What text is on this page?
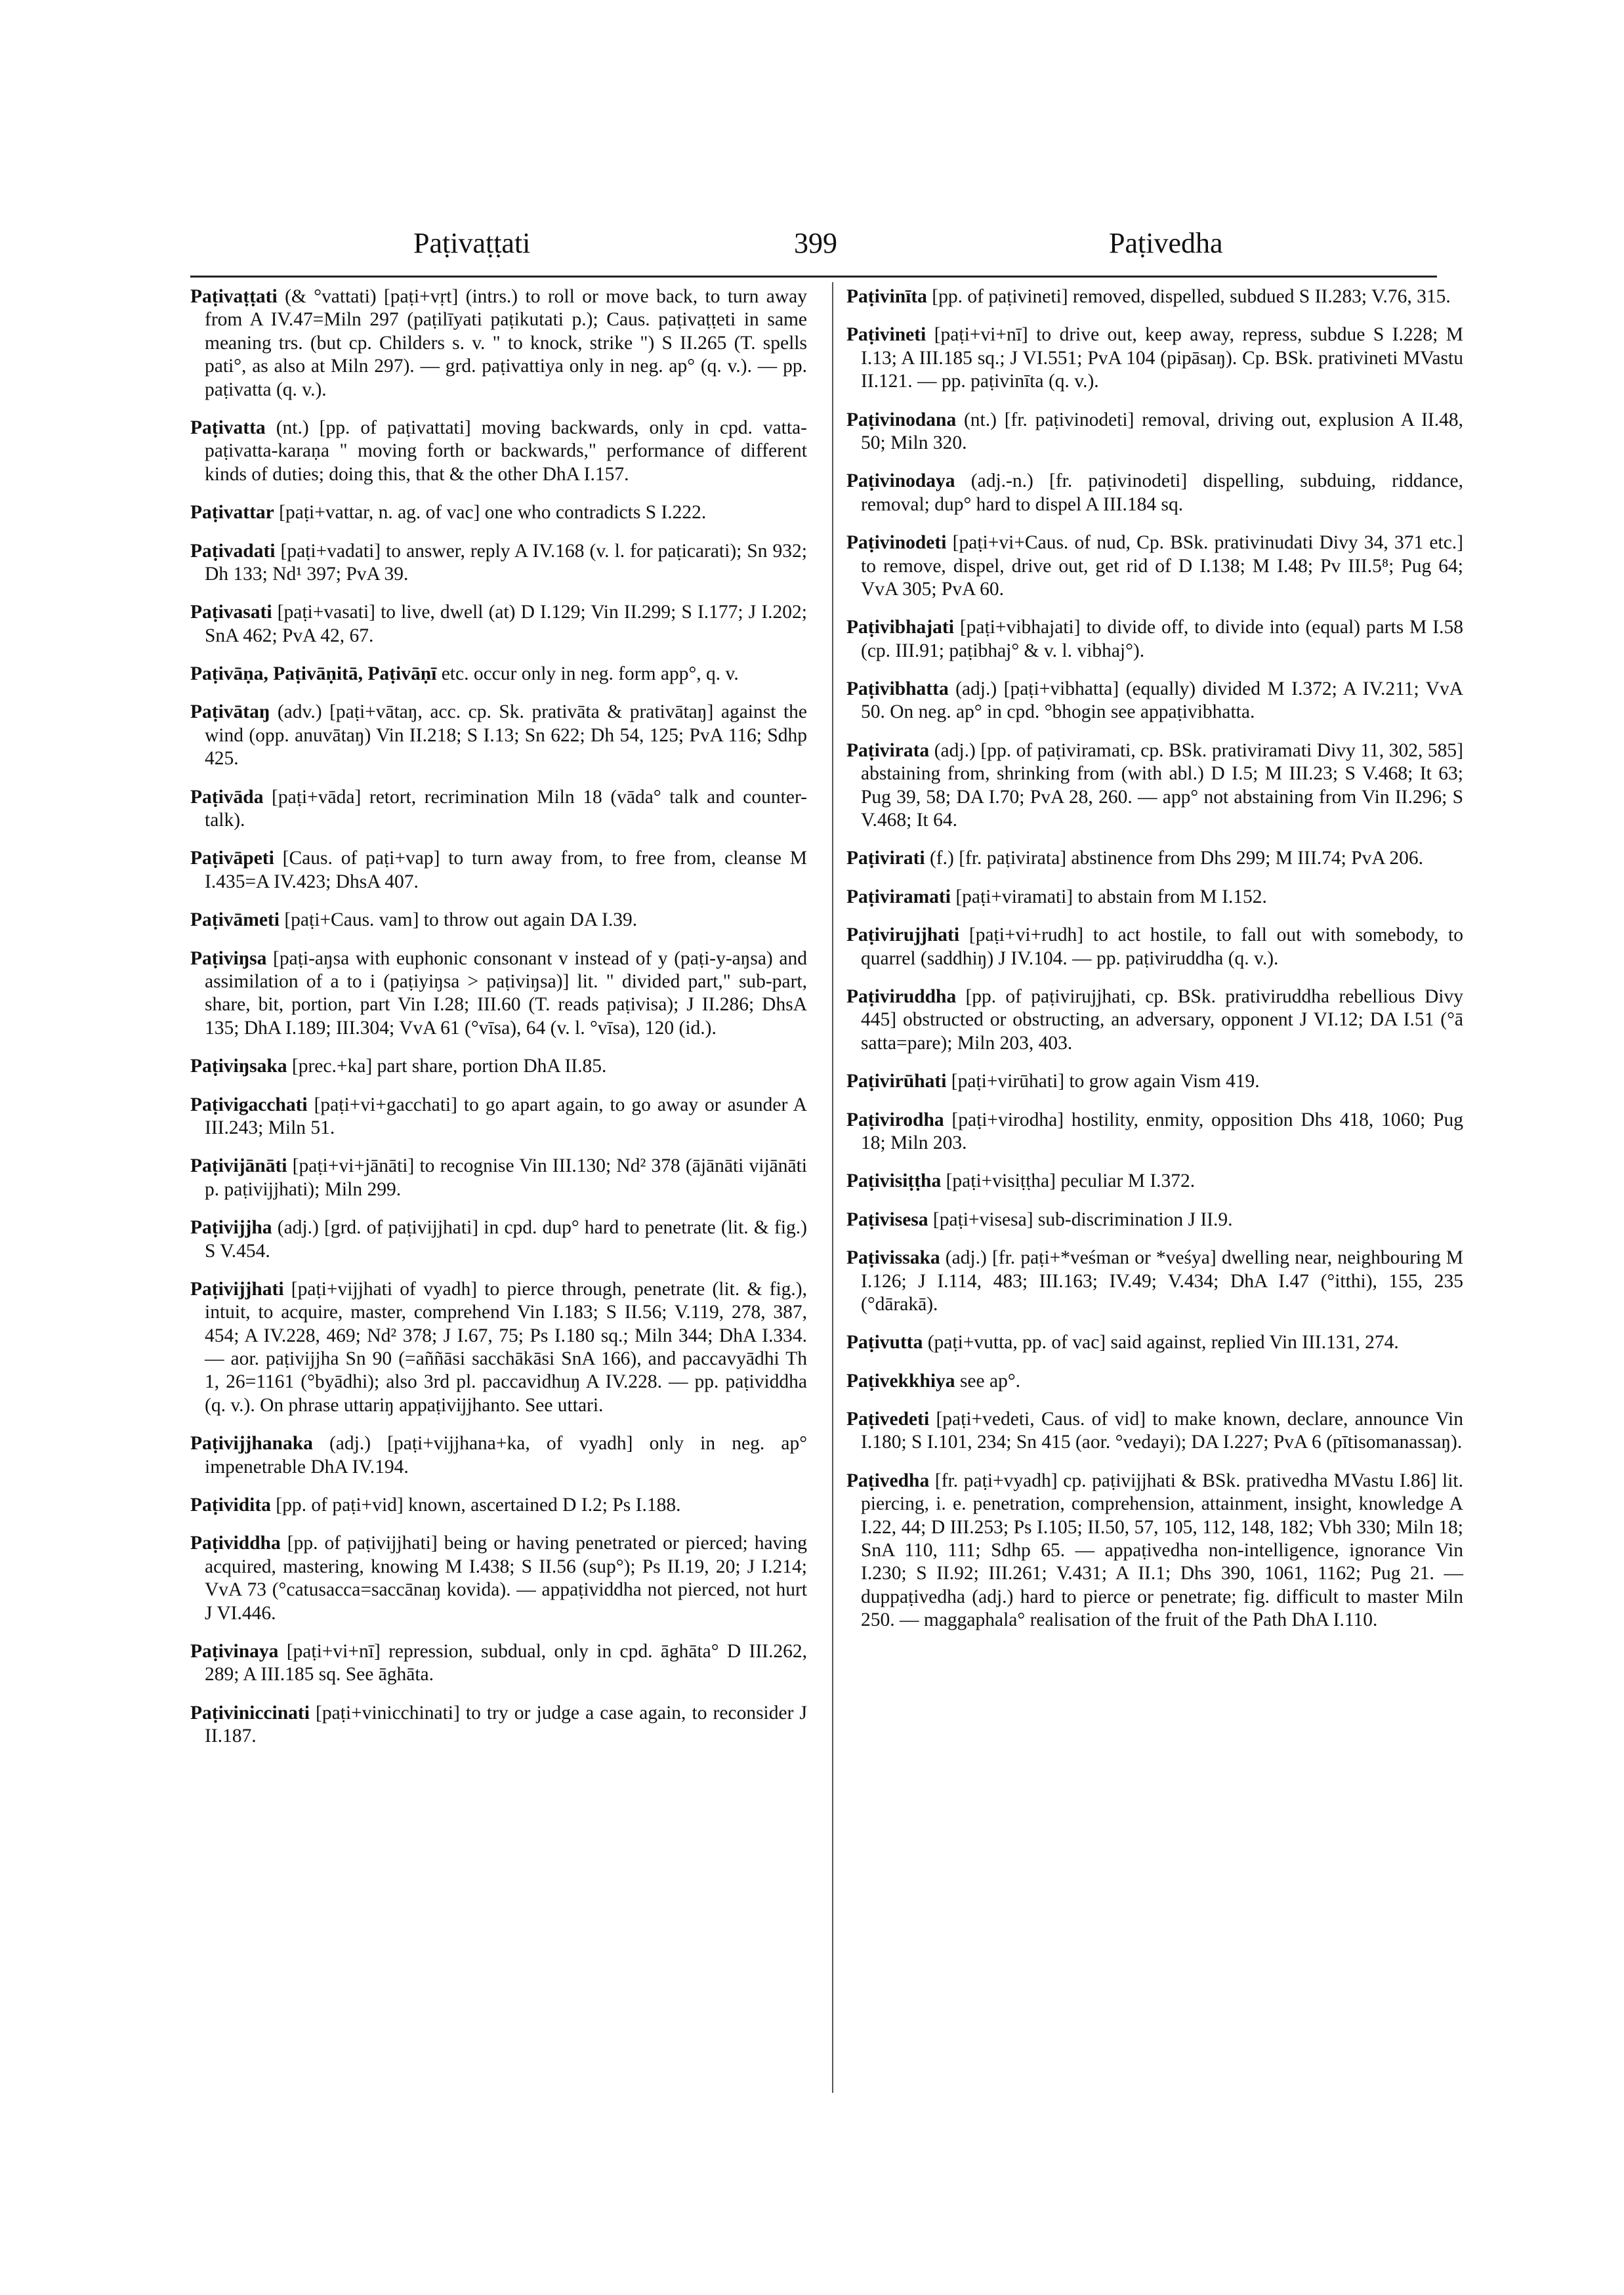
Paṭivaṭṭati	399	Paṭivedha

Paṭivaṭṭati (& °vattati) [paṭi+vṛt] (intrs.) to roll or move back, to turn away from A IV.47=Miln 297 (paṭilīyati paṭikutati p.); Caus. paṭivaṭṭeti in same meaning trs. (but cp. Childers s. v. " to knock, strike ") S II.265 (T. spells pati°, as also at Miln 297). — grd. paṭivattiya only in neg. ap° (q. v.). — pp. paṭivatta (q. v.).

Paṭivatta (nt.) [pp. of paṭivattati] moving backwards, only in cpd. vatta-paṭivatta-karaṇa " moving forth or backwards," performance of different kinds of duties; doing this, that & the other DhA I.157.

Paṭivattar [paṭi+vattar, n. ag. of vac] one who contradicts S I.222.

Paṭivadati [paṭi+vadati] to answer, reply A IV.168 (v. l. for paṭicarati); Sn 932; Dh 133; Nd¹ 397; PvA 39.

Paṭivasati [paṭi+vasati] to live, dwell (at) D I.129; Vin II.299; S I.177; J I.202; SnA 462; PvA 42, 67.

Paṭivāṇa, Paṭivāṇitā, Paṭivāṇī etc. occur only in neg. form app°, q. v.

Paṭivātaŋ (adv.) [paṭi+vātaŋ, acc. cp. Sk. prativāta & prativātaŋ] against the wind (opp. anuvātaŋ) Vin II.218; S I.13; Sn 622; Dh 54, 125; PvA 116; Sdhp 425.

Paṭivāda [paṭi+vāda] retort, recrimination Miln 18 (vāda° talk and counter-talk).

Paṭivāpeti [Caus. of paṭi+vap] to turn away from, to free from, cleanse M I.435=A IV.423; DhsA 407.

Paṭivāmeti [paṭi+Caus. vam] to throw out again DA I.39.

Paṭiviŋsa [paṭi-aŋsa with euphonic consonant v instead of y (paṭi-y-aŋsa) and assimilation of a to i (paṭiyiŋsa > paṭiviŋsa)] lit. " divided part," sub-part, share, bit, portion, part Vin I.28; III.60 (T. reads paṭivisa); J II.286; DhsA 135; DhA I.189; III.304; VvA 61 (°vīsa), 64 (v. l. °vīsa), 120 (id.).

Paṭiviŋsaka [prec.+ka] part share, portion DhA II.85.

Paṭivigacchati [paṭi+vi+gacchati] to go apart again, to go away or asunder A III.243; Miln 51.

Paṭivijānāti [paṭi+vi+jānāti] to recognise Vin III.130; Nd² 378 (ājānāti vijānāti p. paṭivijjhati); Miln 299.

Paṭivijjha (adj.) [grd. of paṭivijjhati] in cpd. dup° hard to penetrate (lit. & fig.) S V.454.

Paṭivijjhati [paṭi+vijjhati of vyadh] to pierce through, penetrate (lit. & fig.), intuit, to acquire, master, comprehend Vin I.183; S II.56; V.119, 278, 387, 454; A IV.228, 469; Nd² 378; J I.67, 75; Ps I.180 sq.; Miln 344; DhA I.334. — aor. paṭivijjha Sn 90 (=aññāsi sacchākāsi SnA 166), and paccavyādhi Th 1, 26=1161 (°byādhi); also 3rd pl. paccavidhuŋ A IV.228. — pp. paṭividdha (q. v.). On phrase uttariŋ appaṭivijjhanto. See uttari.

Paṭivijjhanaka (adj.) [paṭi+vijjhana+ka, of vyadh] only in neg. ap° impenetrable DhA IV.194.

Paṭividita [pp. of paṭi+vid] known, ascertained D I.2; Ps I.188.

Paṭividdha [pp. of paṭivijjhati] being or having penetrated or pierced; having acquired, mastering, knowing M I.438; S II.56 (sup°); Ps II.19, 20; J I.214; VvA 73 (°catusacca=saccānaŋ kovida). — appaṭividdha not pierced, not hurt J VI.446.

Paṭivinaya [paṭi+vi+nī] repression, subdual, only in cpd. āghāta° D III.262, 289; A III.185 sq. See āghāta.

Paṭiviniccinati [paṭi+vinicchinati] to try or judge a case again, to reconsider J II.187.

Paṭivinīta [pp. of paṭivineti] removed, dispelled, subdued S II.283; V.76, 315.

Paṭivineti [paṭi+vi+nī] to drive out, keep away, repress, subdue S I.228; M I.13; A III.185 sq.; J VI.551; PvA 104 (pipāsaŋ). Cp. BSk. prativineti MVastu II.121. — pp. paṭivinīta (q. v.).

Paṭivinodana (nt.) [fr. paṭivinodeti] removal, driving out, explusion A II.48, 50; Miln 320.

Paṭivinodaya (adj.-n.) [fr. paṭivinodeti] dispelling, subduing, riddance, removal; dup° hard to dispel A III.184 sq.

Paṭivinodeti [paṭi+vi+Caus. of nud, Cp. BSk. prativinudati Divy 34, 371 etc.] to remove, dispel, drive out, get rid of D I.138; M I.48; Pv III.5⁸; Pug 64; VvA 305; PvA 60.

Paṭivibhajati [paṭi+vibhajati] to divide off, to divide into (equal) parts M I.58 (cp. III.91; paṭibhaj° & v. l. vibhaj°).

Paṭivibhatta (adj.) [paṭi+vibhatta] (equally) divided M I.372; A IV.211; VvA 50. On neg. ap° in cpd. °bhogin see appaṭivibhatta.

Paṭivirata (adj.) [pp. of paṭiviramati, cp. BSk. prativiramati Divy 11, 302, 585] abstaining from, shrinking from (with abl.) D I.5; M III.23; S V.468; It 63; Pug 39, 58; DA I.70; PvA 28, 260. — app° not abstaining from Vin II.296; S V.468; It 64.

Paṭivirati (f.) [fr. paṭivirata] abstinence from Dhs 299; M III.74; PvA 206.

Paṭiviramati [paṭi+viramati] to abstain from M I.152.

Paṭivirujjhati [paṭi+vi+rudh] to act hostile, to fall out with somebody, to quarrel (saddhiŋ) J IV.104. — pp. paṭiviruddha (q. v.).

Paṭiviruddha [pp. of paṭivirujjhati, cp. BSk. prativiruddha rebellious Divy 445] obstructed or obstructing, an adversary, opponent J VI.12; DA I.51 (°ā satta=pare); Miln 203, 403.

Paṭivirūhati [paṭi+virūhati] to grow again Vism 419.

Paṭivirodha [paṭi+virodha] hostility, enmity, opposition Dhs 418, 1060; Pug 18; Miln 203.

Paṭivisiṭṭha [paṭi+visiṭṭha] peculiar M I.372.

Paṭivisesa [paṭi+visesa] sub-discrimination J II.9.

Paṭivissaka (adj.) [fr. paṭi+*veśman or *veśya] dwelling near, neighbouring M I.126; J I.114, 483; III.163; IV.49; V.434; DhA I.47 (°itthi), 155, 235 (°dārakā).

Paṭivutta (paṭi+vutta, pp. of vac] said against, replied Vin III.131, 274.

Paṭivekkhiya see ap°.

Paṭivedeti [paṭi+vedeti, Caus. of vid] to make known, declare, announce Vin I.180; S I.101, 234; Sn 415 (aor. °vedayi); DA I.227; PvA 6 (pītisomanassaŋ).

Paṭivedha [fr. paṭi+vyadh] cp. paṭivijjhati & BSk. prativedha MVastu I.86] lit. piercing, i. e. penetration, comprehension, attainment, insight, knowledge A I.22, 44; D III.253; Ps I.105; II.50, 57, 105, 112, 148, 182; Vbh 330; Miln 18; SnA 110, 111; Sdhp 65. — appaṭivedha non-intelligence, ignorance Vin I.230; S II.92; III.261; V.431; A II.1; Dhs 390, 1061, 1162; Pug 21. — duppaṭivedha (adj.) hard to pierce or penetrate; fig. difficult to master Miln 250. — maggaphala° realisation of the fruit of the Path DhA I.110.
